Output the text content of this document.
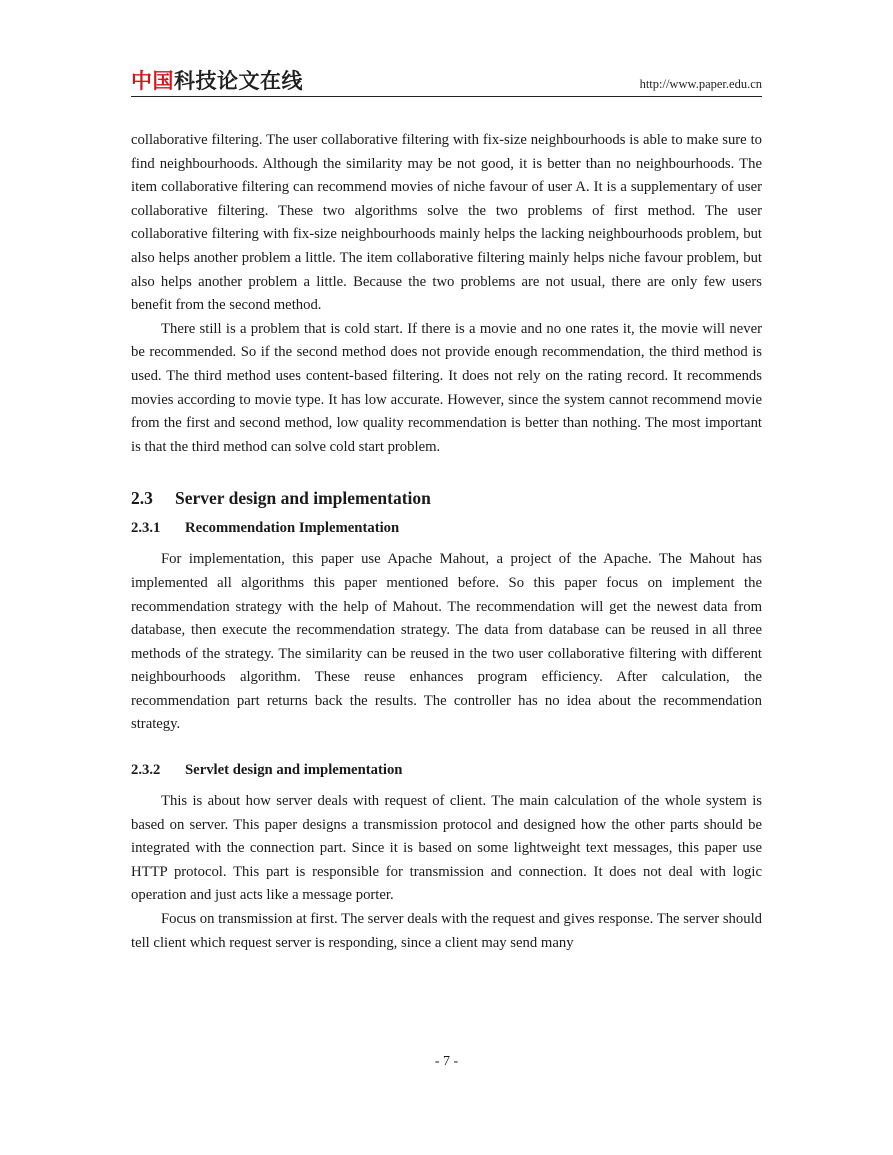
中国科技论文在线	http://www.paper.edu.cn

collaborative filtering. The user collaborative filtering with fix-size neighbourhoods is able to make sure to find neighbourhoods. Although the similarity may be not good, it is better than no neighbourhoods. The item collaborative filtering can recommend movies of niche favour of user A. It is a supplementary of user collaborative filtering. These two algorithms solve the two problems of first method. The user collaborative filtering with fix-size neighbourhoods mainly helps the lacking neighbourhoods problem, but also helps another problem a little. The item collaborative filtering mainly helps niche favour problem, but also helps another problem a little. Because the two problems are not usual, there are only few users benefit from the second method.

There still is a problem that is cold start. If there is a movie and no one rates it, the movie will never be recommended. So if the second method does not provide enough recommendation, the third method is used. The third method uses content-based filtering. It does not rely on the rating record. It recommends movies according to movie type. It has low accurate. However, since the system cannot recommend movie from the first and second method, low quality recommendation is better than nothing. The most important is that the third method can solve cold start problem.

2.3 Server design and implementation
2.3.1 Recommendation Implementation

For implementation, this paper use Apache Mahout, a project of the Apache. The Mahout has implemented all algorithms this paper mentioned before. So this paper focus on implement the recommendation strategy with the help of Mahout. The recommendation will get the newest data from database, then execute the recommendation strategy. The data from database can be reused in all three methods of the strategy. The similarity can be reused in the two user collaborative filtering with different neighbourhoods algorithm. These reuse enhances program efficiency. After calculation, the recommendation part returns back the results. The controller has no idea about the recommendation strategy.

2.3.2 Servlet design and implementation

This is about how server deals with request of client. The main calculation of the whole system is based on server. This paper designs a transmission protocol and designed how the other parts should be integrated with the connection part. Since it is based on some lightweight text messages, this paper use HTTP protocol. This part is responsible for transmission and connection. It does not deal with logic operation and just acts like a message porter.

Focus on transmission at first. The server deals with the request and gives response. The server should tell client which request server is responding, since a client may send many

- 7 -
